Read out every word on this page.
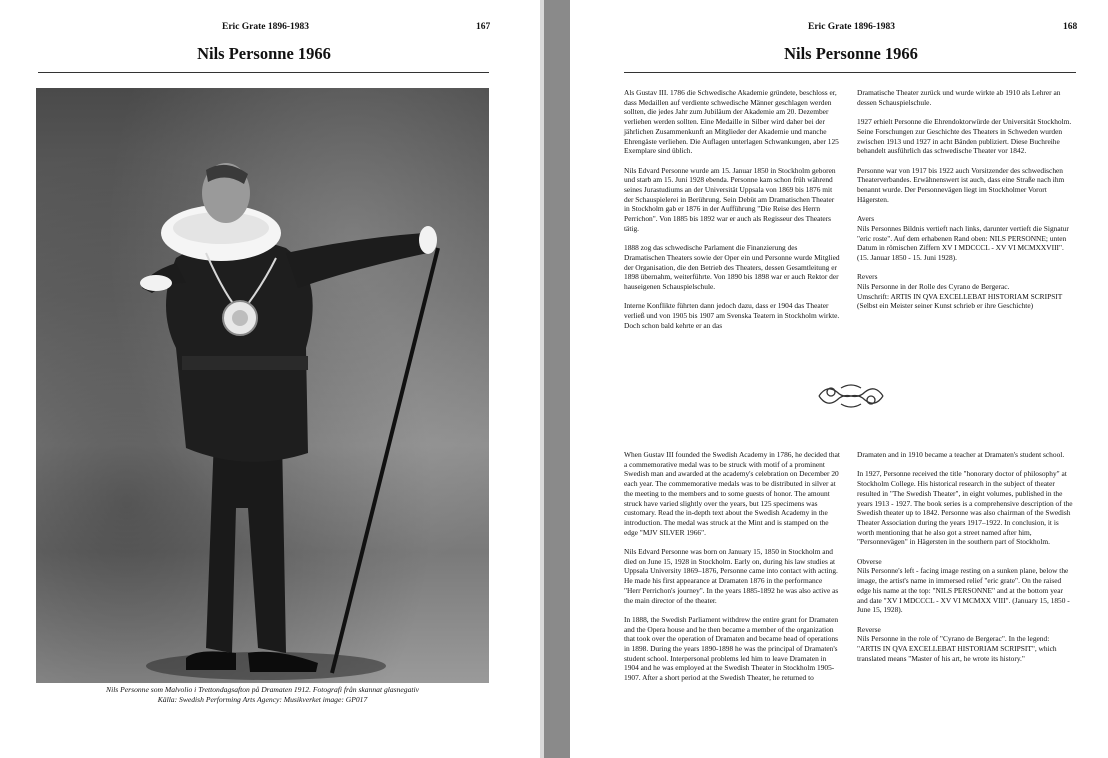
Eric Grate 1896-1983	167
Nils Personne 1966
Nils Personne som Malvolio i Trettondagsafton på Dramaten 1912. Fotografi från skannat glasnegativ
Källa: Swedish Performing Arts Agency: Musikverket image: GP017
Eric Grate 1896-1983	168
Nils Personne 1966

Als Gustav III. 1786 die Schwedische Akademie gründete, beschloss er, dass Medaillen auf verdiente schwedische Männer geschlagen werden sollten, die jedes Jahr zum Jubiläum der Akademie am 20. Dezember verliehen werden sollten. Eine Medaille in Silber wird daher bei der jährlichen Zusammenkunft an Mitglieder der Akademie und manche Ehrengäste verliehen. Die Auflagen unterlagen Schwankungen, aber 125 Exemplare sind üblich.

Nils Edvard Personne wurde am 15. Januar 1850 in Stockholm geboren und starb am 15. Juni 1928 ebenda. Personne kam schon früh während seines Jurastudiums an der Universität Uppsala von 1869 bis 1876 mit der Schauspielerei in Berührung. Sein Debüt am Dramatischen Theater in Stockholm gab er 1876 in der Aufführung "Die Reise des Herrn Perrichon". Von 1885 bis 1892 war er auch als Regisseur des Theaters tätig.

1888 zog das schwedische Parlament die Finanzierung des Dramatischen Theaters sowie der Oper ein und Personne wurde Mitglied der Organisation, die den Betrieb des Theaters, dessen Gesamtleitung er 1898 übernahm, weiterführte. Von 1890 bis 1898 war er auch Rektor der hauseigenen Schauspielschule.

Interne Konflikte führten dann jedoch dazu, dass er 1904 das Theater verließ und von 1905 bis 1907 am Svenska Teatern in Stockholm wirkte. Doch schon bald kehrte er an das

Dramatische Theater zurück und wurde wirkte ab 1910 als Lehrer an dessen Schauspielschule.

1927 erhielt Personne die Ehrendoktorwürde der Universität Stockholm. Seine Forschungen zur Geschichte des Theaters in Schweden wurden zwischen 1913 und 1927 in acht Bänden publiziert. Diese Buchreihe behandelt ausführlich das schwedische Theater vor 1842.

Personne war von 1917 bis 1922 auch Vorsitzender des schwedischen Theaterverbandes. Erwähnenswert ist auch, dass eine Straße nach ihm benannt wurde. Der Personnevägen liegt im Stockholmer Vorort Hägersten.

Avers
Nils Personnes Bildnis vertieft nach links, darunter vertieft die Signatur "eric roste". Auf dem erhabenen Rand oben: NILS PERSONNE; unten Datum in römischen Ziffern XV I MDCCCL - XV VI MCMXXVIII". (15. Januar 1850 - 15. Juni 1928).

Revers
Nils Personne in der Rolle des Cyrano de Bergerac.
Umschrift: ARTIS IN QVA EXCELLEBAT HISTORIAM SCRIPSIT (Selbst ein Meister seiner Kunst schrieb er ihre Geschichte)

When Gustav III founded the Swedish Academy in 1786, he decided that a commemorative medal was to be struck with motif of a prominent Swedish man and awarded at the academy's celebration on December 20 each year. The commemorative medals was to be distributed in silver at the meeting to the members and to some guests of honor. The amount struck have varied slightly over the years, but 125 specimens was customary. Read the in-depth text about the Swedish Academy in the introduction. The medal was struck at the Mint and is stamped on the edge "MJV SILVER 1966".

Nils Edvard Personne was born on January 15, 1850 in Stockholm and died on June 15, 1928 in Stockholm. Early on, during his law studies at Uppsala University 1869–1876, Personne came into contact with acting. He made his first appearance at Dramaten 1876 in the performance "Herr Perrichon's journey". In the years 1885-1892 he was also active as the main director of the theater.

In 1888, the Swedish Parliament withdrew the entire grant for Dramaten and the Opera house and he then became a member of the organization that took over the operation of Dramaten and became head of operations in 1898. During the years 1890-1898 he was the principal of Dramaten's student school. Interpersonal problems led him to leave Dramaten in 1904 and he was employed at the Swedish Theater in Stockholm 1905-1907. After a short period at the Swedish Theater, he returned to

Dramaten and in 1910 became a teacher at Dramaten's student school.

In 1927, Personne received the title "honorary doctor of philosophy" at Stockholm College. His historical research in the subject of theater resulted in "The Swedish Theater", in eight volumes, published in the years 1913 - 1927. The book series is a comprehensive description of the Swedish theater up to 1842. Personne was also chairman of the Swedish Theater Association during the years 1917–1922. In conclusion, it is worth mentioning that he also got a street named after him, "Personnevägen" in Hägersten in the southern part of Stockholm.

Obverse
Nils Personne's left - facing image resting on a sunken plane, below the image, the artist's name in immersed relief "eric grate". On the raised edge his name at the top: "NILS PERSONNE" and at the bottom year and date "XV I MDCCCL - XV VI MCMXX VIII". (January 15, 1850 - June 15, 1928).

Reverse
Nils Personne in the role of "Cyrano de Bergerac". In the legend: "ARTIS IN QVA EXCELLEBAT HISTORIAM SCRIPSIT", which translated means "Master of his art, he wrote its history."
